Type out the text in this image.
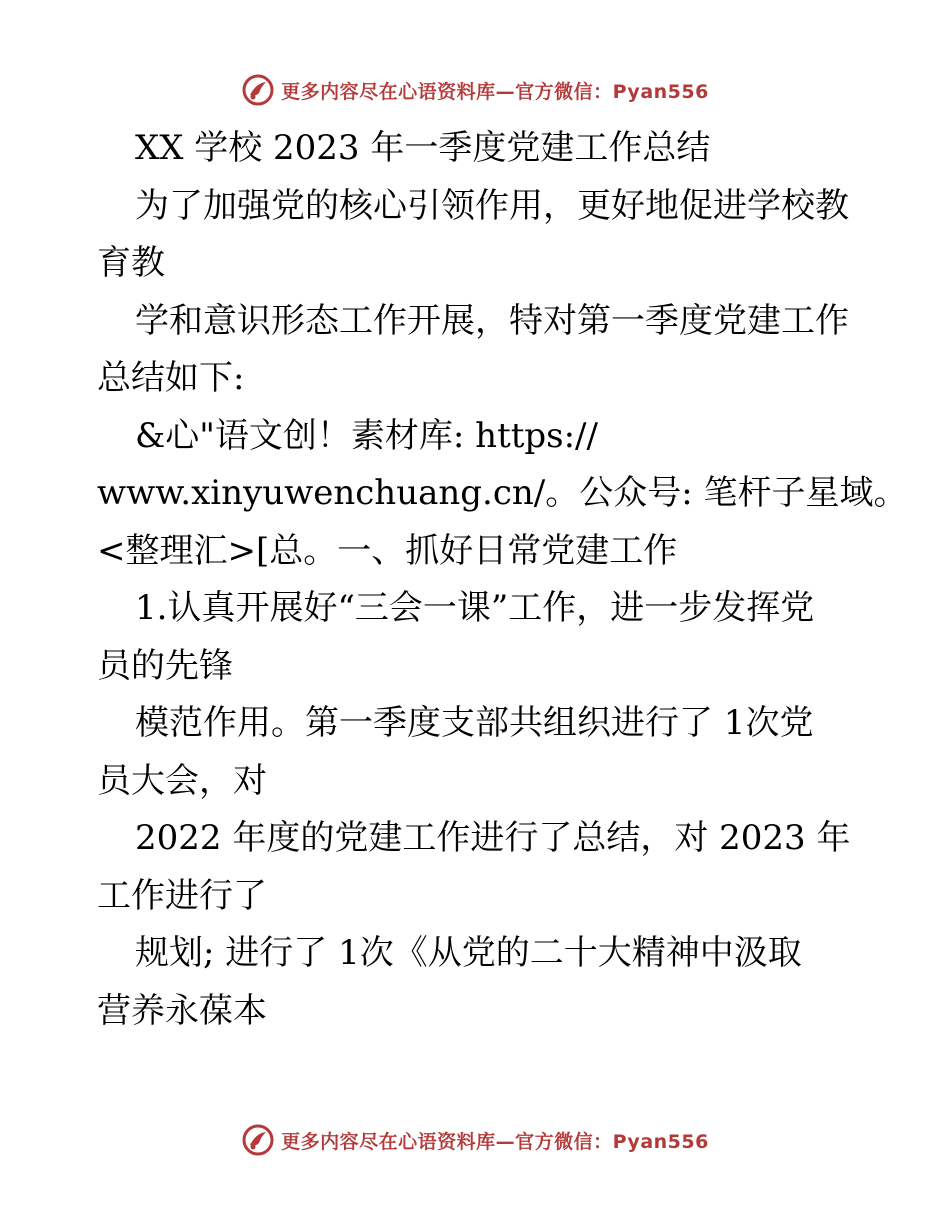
更多内容尽在心语资料库—官方微信：Pyan556
XX 学校 2023 年一季度党建工作总结
为了加强党的核心引领作用，更好地促进学校教
育教
学和意识形态工作开展，特对第一季度党建工作
总结如下:
&心"语文创！素材库: https://
www.xinyuwenchuang.cn/。公众号: 笔杆子星域。
<整理汇>[总。一、抓好日常党建工作
1.认真开展好“三会一课”工作，进一步发挥党
员的先锋
模范作用。第一季度支部共组织进行了 1次党
员大会，对
2022 年度的党建工作进行了总结，对 2023 年
工作进行了
规划; 进行了 1次《从党的二十大精神中汲取
营养永葆本
更多内容尽在心语资料库—官方微信：Pyan556
